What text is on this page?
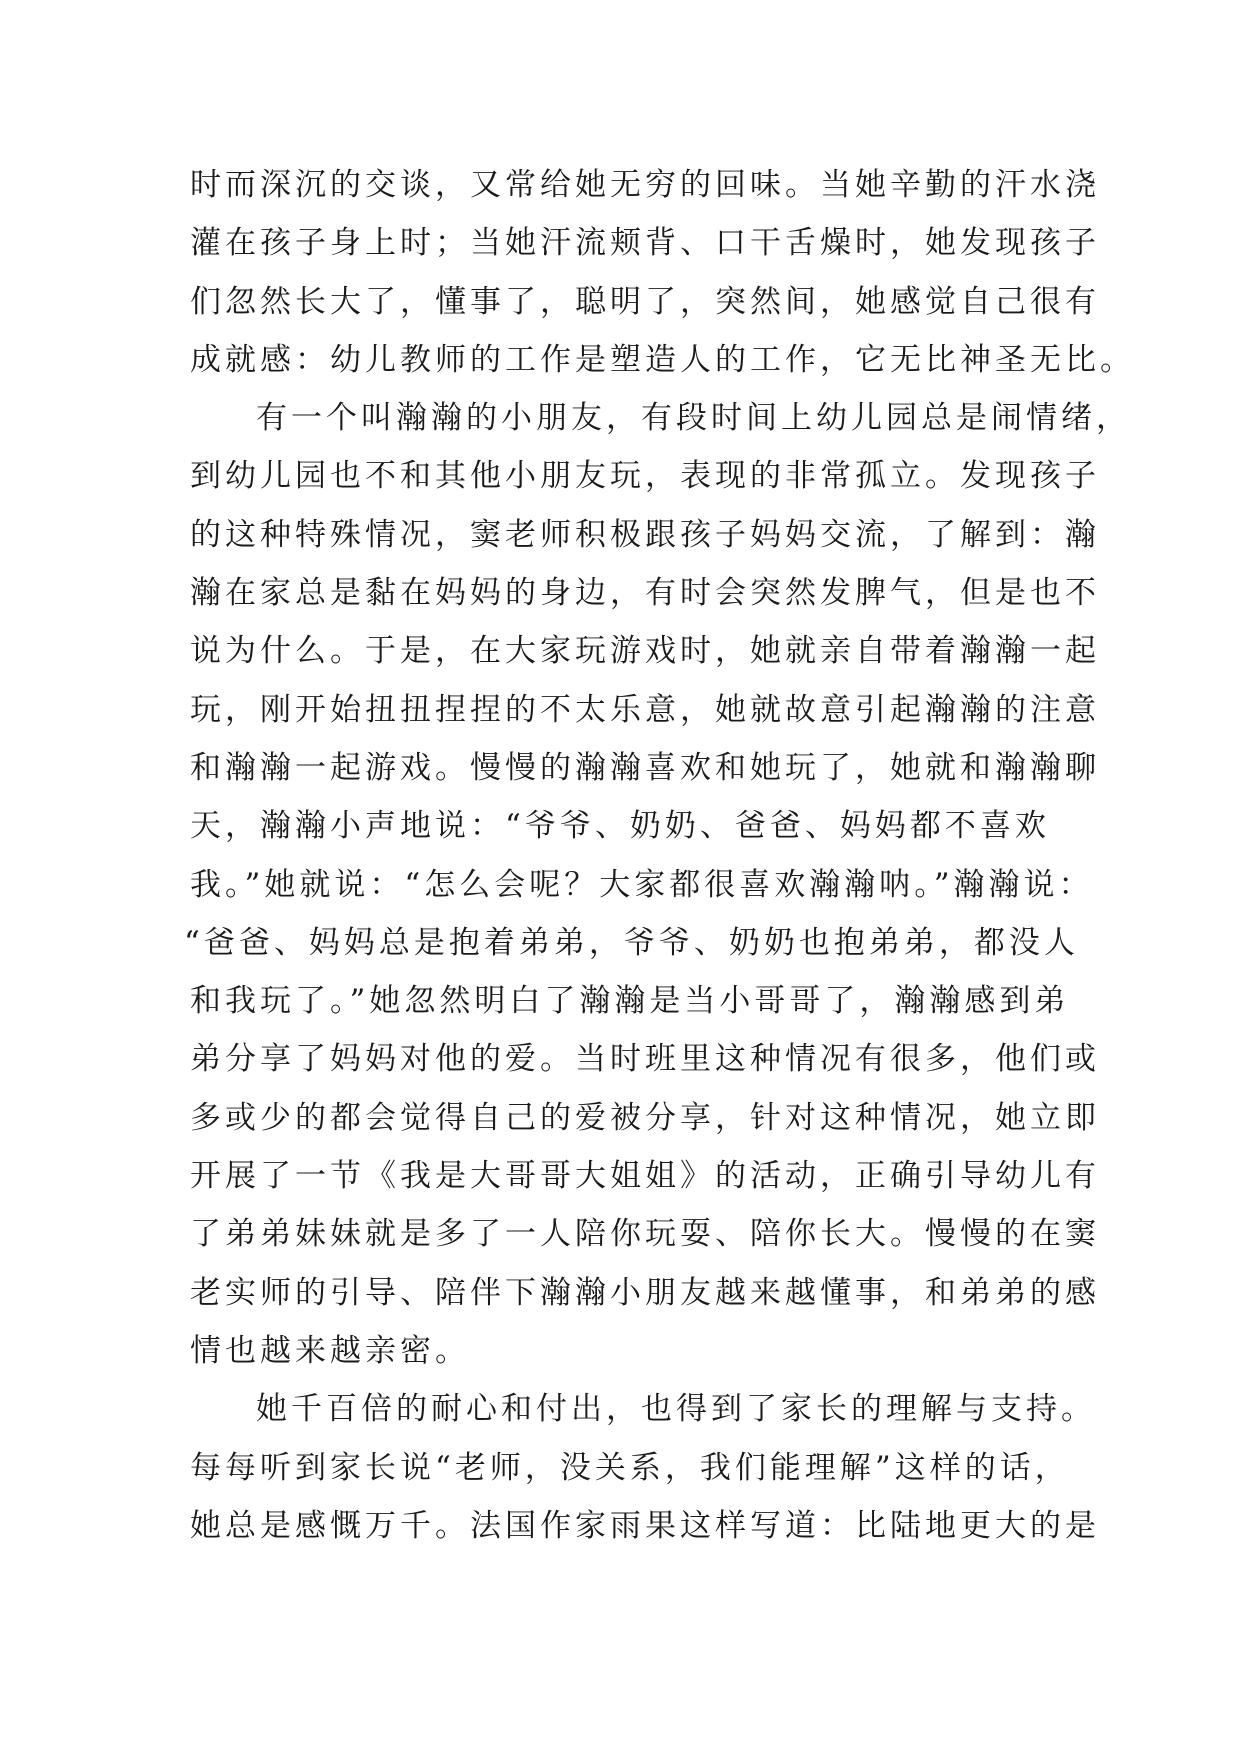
时而深沉的交谈，又常给她无穷的回味。当她辛勤的汗水浇
灌在孩子身上时；当她汗流颊背、口干舌燥时，她发现孩子
们忽然长大了，懂事了，聪明了，突然间，她感觉自己很有
成就感：幼儿教师的工作是塑造人的工作，它无比神圣无比。
有一个叫瀚瀚的小朋友，有段时间上幼儿园总是闹情绪，
到幼儿园也不和其他小朋友玩，表现的非常孤立。发现孩子
的这种特殊情况，窦老师积极跟孩子妈妈交流，了解到：瀚
瀚在家总是黏在妈妈的身边，有时会突然发脾气，但是也不
说为什么。于是，在大家玩游戏时，她就亲自带着瀚瀚一起
玩，刚开始扭扭捏捏的不太乐意，她就故意引起瀚瀚的注意
和瀚瀚一起游戏。慢慢的瀚瀚喜欢和她玩了，她就和瀚瀚聊
天，瀚瀚小声地说：“爷爷、奶奶、爸爸、妈妈都不喜欢
我。”她就说：“怎么会呢？大家都很喜欢瀚瀚呐。”瀚瀚说：
“爸爸、妈妈总是抱着弟弟，爷爷、奶奶也抱弟弟，都没人
和我玩了。”她忽然明白了瀚瀚是当小哥哥了，瀚瀚感到弟
弟分享了妈妈对他的爱。当时班里这种情况有很多，他们或
多或少的都会觉得自己的爱被分享，针对这种情况，她立即
开展了一节《我是大哥哥大姐姐》的活动，正确引导幼儿有
了弟弟妹妹就是多了一人陪你玩耍、陪你长大。慢慢的在窦
老实师的引导、陪伴下瀚瀚小朋友越来越懂事，和弟弟的感
情也越来越亲密。
她千百倍的耐心和付出，也得到了家长的理解与支持。
每每听到家长说“老师，没关系，我们能理解”这样的话，
她总是感慨万千。法国作家雨果这样写道：比陆地更大的是
